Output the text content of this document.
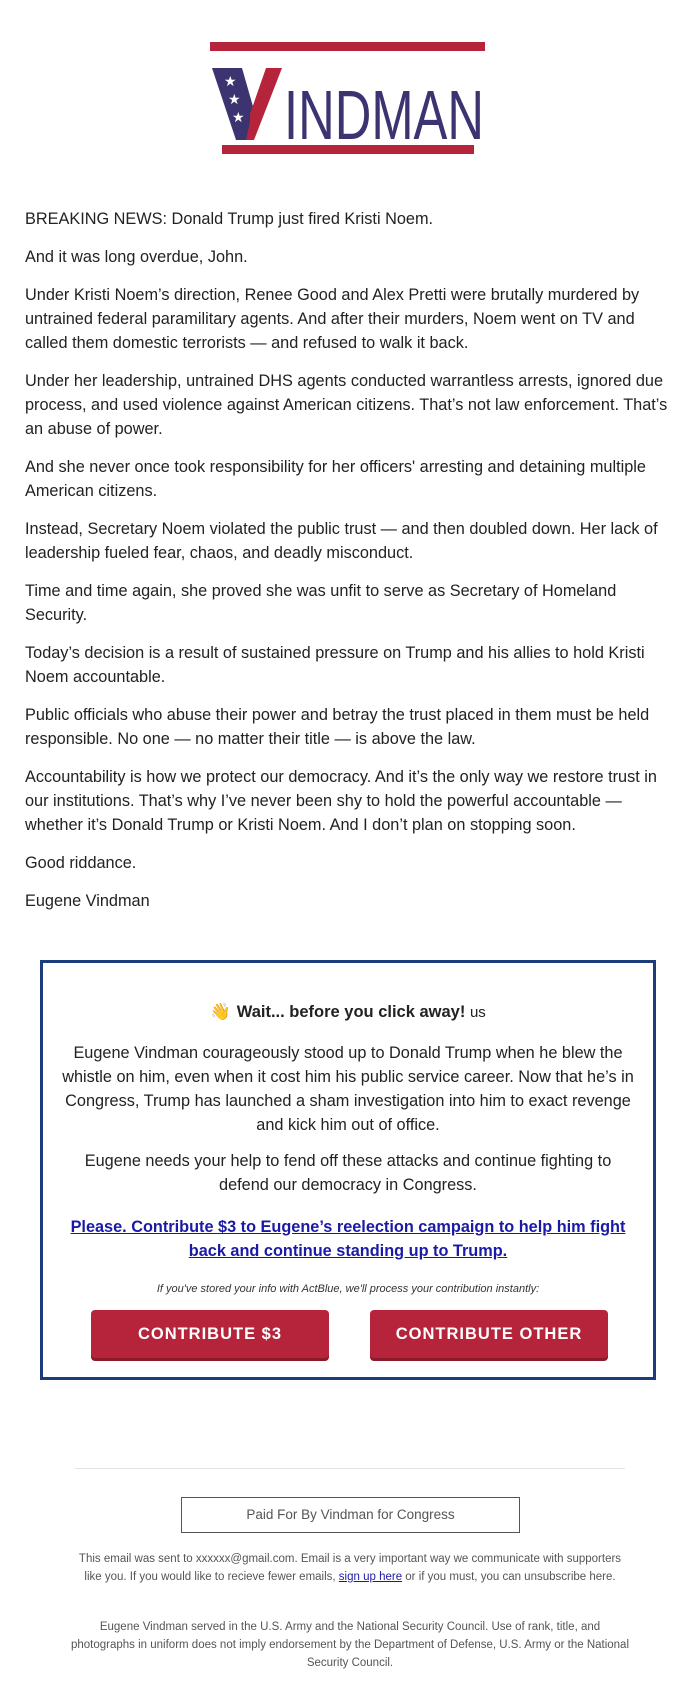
★
★
★ INDMAN

BREAKING NEWS: Donald Trump just fired Kristi Noem.

And it was long overdue, John.

Under Kristi Noem’s direction, Renee Good and Alex Pretti were brutally murdered by untrained federal paramilitary agents. And after their murders, Noem went on TV and called them domestic terrorists — and refused to walk it back.

Under her leadership, untrained DHS agents conducted warrantless arrests, ignored due process, and used violence against American citizens. That’s not law enforcement. That’s an abuse of power.

And she never once took responsibility for her officers' arresting and detaining multiple American citizens.

Instead, Secretary Noem violated the public trust — and then doubled down. Her lack of leadership fueled fear, chaos, and deadly misconduct.

Time and time again, she proved she was unfit to serve as Secretary of Homeland Security.

Today’s decision is a result of sustained pressure on Trump and his allies to hold Kristi Noem accountable.

Public officials who abuse their power and betray the trust placed in them must be held responsible. No one — no matter their title — is above the law.

Accountability is how we protect our democracy. And it’s the only way we restore trust in our institutions. That’s why I’ve never been shy to hold the powerful accountable — whether it’s Donald Trump or Kristi Noem. And I don’t plan on stopping soon.

Good riddance.

Eugene Vindman

👋 Wait... before you click away! us
Eugene Vindman courageously stood up to Donald Trump when he blew the whistle on him, even when it cost him his public service career. Now that he’s in Congress, Trump has launched a sham investigation into him to exact revenge and kick him out of office.
Eugene needs your help to fend off these attacks and continue fighting to defend our democracy in Congress.
Please. Contribute $3 to Eugene’s reelection campaign to help him fight back and continue standing up to Trump.
If you've stored your info with ActBlue, we'll process your contribution instantly:
CONTRIBUTE $3	CONTRIBUTE OTHER
Paid For By Vindman for Congress
This email was sent to xxxxxx@gmail.com. Email is a very important way we communicate with supporters like you. If you would like to recieve fewer emails, sign up here or if you must, you can unsubscribe here.
Eugene Vindman served in the U.S. Army and the National Security Council. Use of rank, title, and photographs in uniform does not imply endorsement by the Department of Defense, U.S. Army or the National Security Council.
